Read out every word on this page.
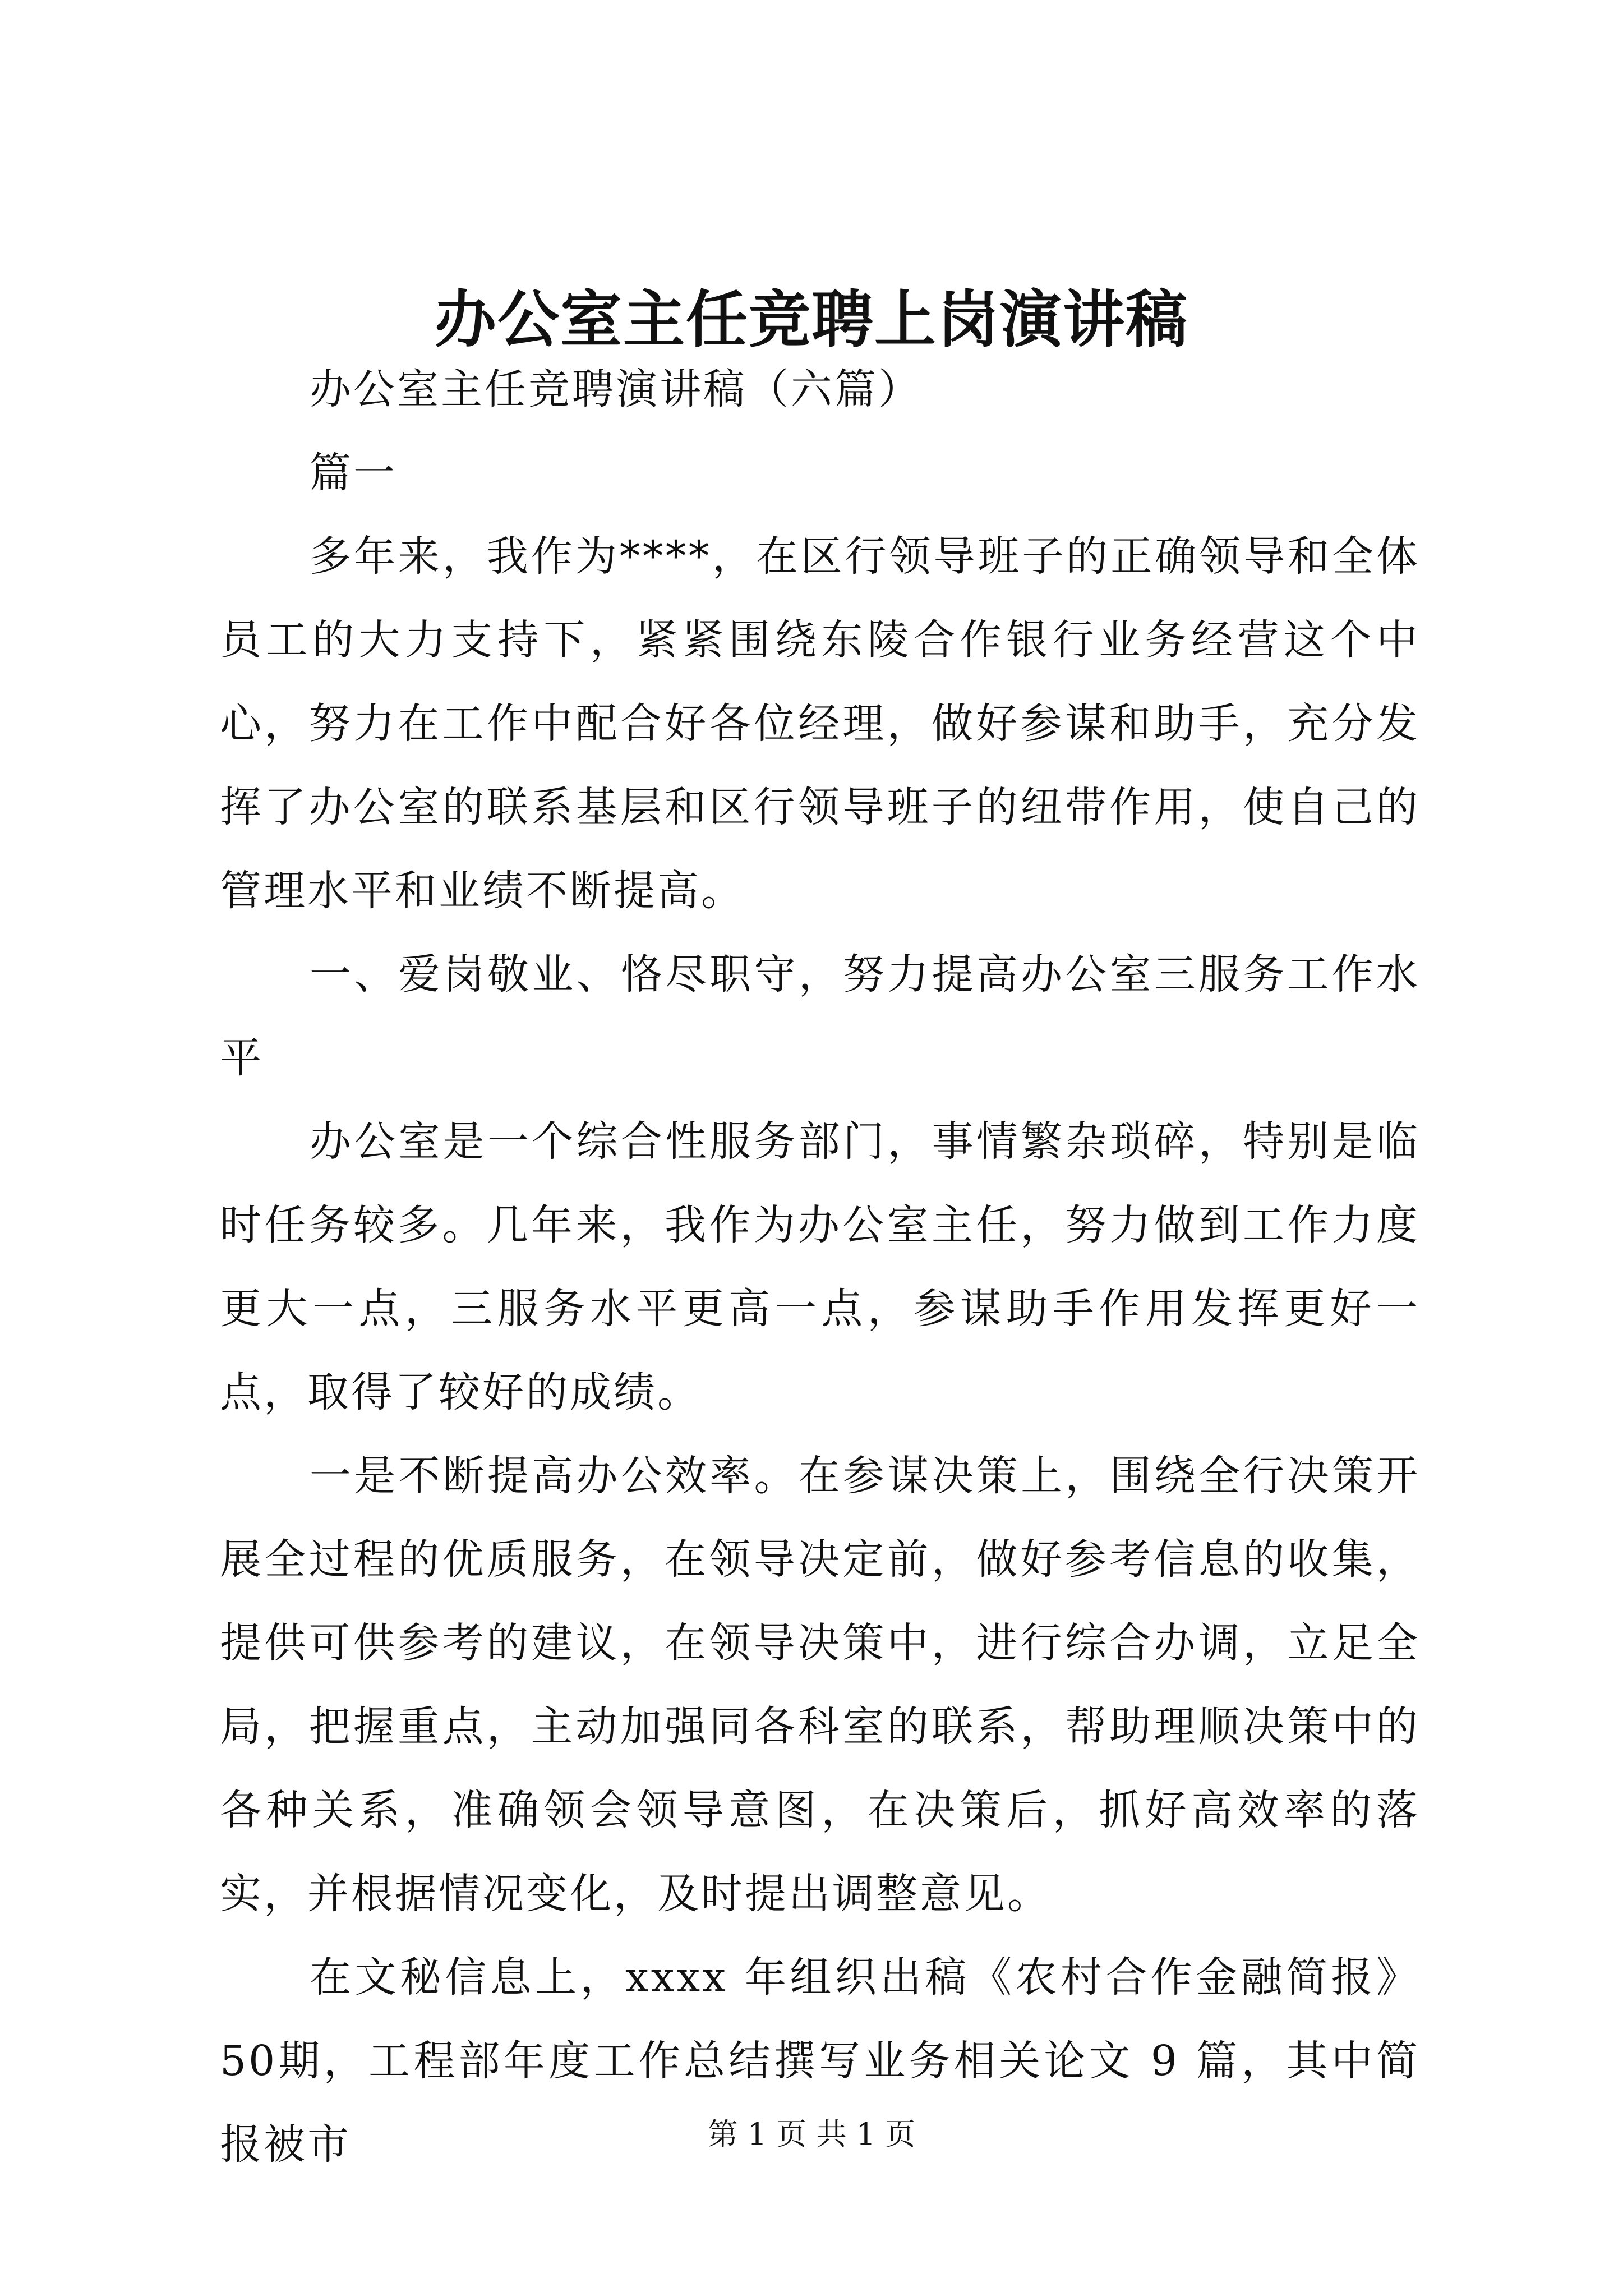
办公室主任竞聘上岗演讲稿

办公室主任竞聘演讲稿（六篇）

篇一

多年来，我作为****，在区行领导班子的正确领导和全体员工的大力支持下，紧紧围绕东陵合作银行业务经营这个中心，努力在工作中配合好各位经理，做好参谋和助手，充分发挥了办公室的联系基层和区行领导班子的纽带作用，使自己的管理水平和业绩不断提高。

一、爱岗敬业、恪尽职守，努力提高办公室三服务工作水平

办公室是一个综合性服务部门，事情繁杂琐碎，特别是临时任务较多。几年来，我作为办公室主任，努力做到工作力度更大一点，三服务水平更高一点，参谋助手作用发挥更好一点，取得了较好的成绩。

一是不断提高办公效率。在参谋决策上，围绕全行决策开展全过程的优质服务，在领导决定前，做好参考信息的收集，提供可供参考的建议，在领导决策中，进行综合办调，立足全局，把握重点，主动加强同各科室的联系，帮助理顺决策中的各种关系，准确领会领导意图，在决策后，抓好高效率的落实，并根据情况变化，及时提出调整意见。

在文秘信息上，xxxx 年组织出稿《农村合作金融简报》50期，工程部年度工作总结撰写业务相关论文 9 篇，其中简报被市	第 1 页 共 1 页
